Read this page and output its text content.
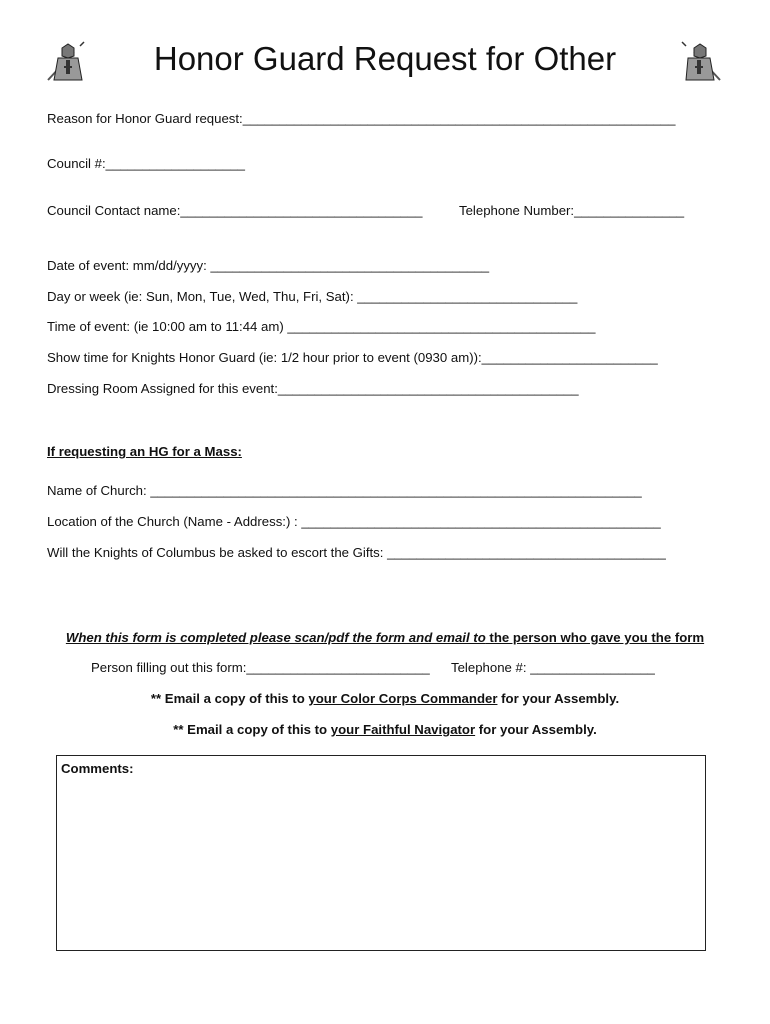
Honor Guard Request for Other
Reason for Honor Guard request:___________________________________________________________
Council #:___________________
Council Contact name:_________________________________	Telephone Number:_______________
Date of event: mm/dd/yyyy: ______________________________________
Day or week (ie: Sun, Mon, Tue, Wed, Thu, Fri, Sat): ______________________________
Time of event: (ie 10:00 am to 11:44 am) __________________________________________
Show time for Knights Honor Guard (ie: 1/2 hour prior to event (0930 am)):________________________
Dressing Room Assigned for this event:_________________________________________
If requesting an HG for a Mass:
Name of Church: ___________________________________________________________________
Location of the Church (Name - Address:) : _________________________________________________
Will the Knights of Columbus be asked to escort the Gifts: ______________________________________
When this form is completed please scan/pdf the form and email to the person who gave you the form
Person filling out this form:_________________________ Telephone #: _________________
** Email a copy of this to your Color Corps Commander for your Assembly.
** Email a copy of this to your Faithful Navigator for your Assembly.
Comments:
